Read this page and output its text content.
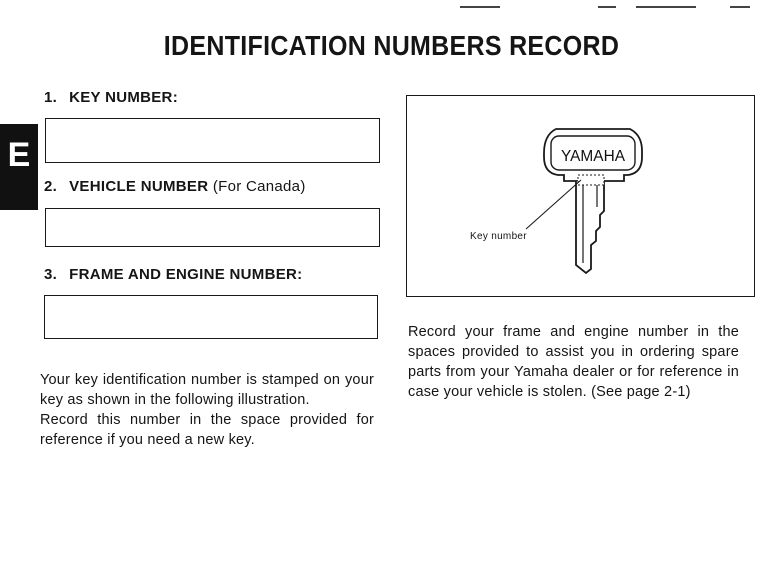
IDENTIFICATION NUMBERS RECORD
E
1. KEY NUMBER:
2. VEHICLE NUMBER (For Canada)
3. FRAME AND ENGINE NUMBER:

Your key identification number is stamped on your key as shown in the following illustration.

Record this number in the space provided for reference if you need a new key.

YAMAHA
Key number
Record your frame and engine number in the spaces provided to assist you in ordering spare parts from your Yamaha dealer or for reference in case your vehicle is stolen. (See page 2-1)
